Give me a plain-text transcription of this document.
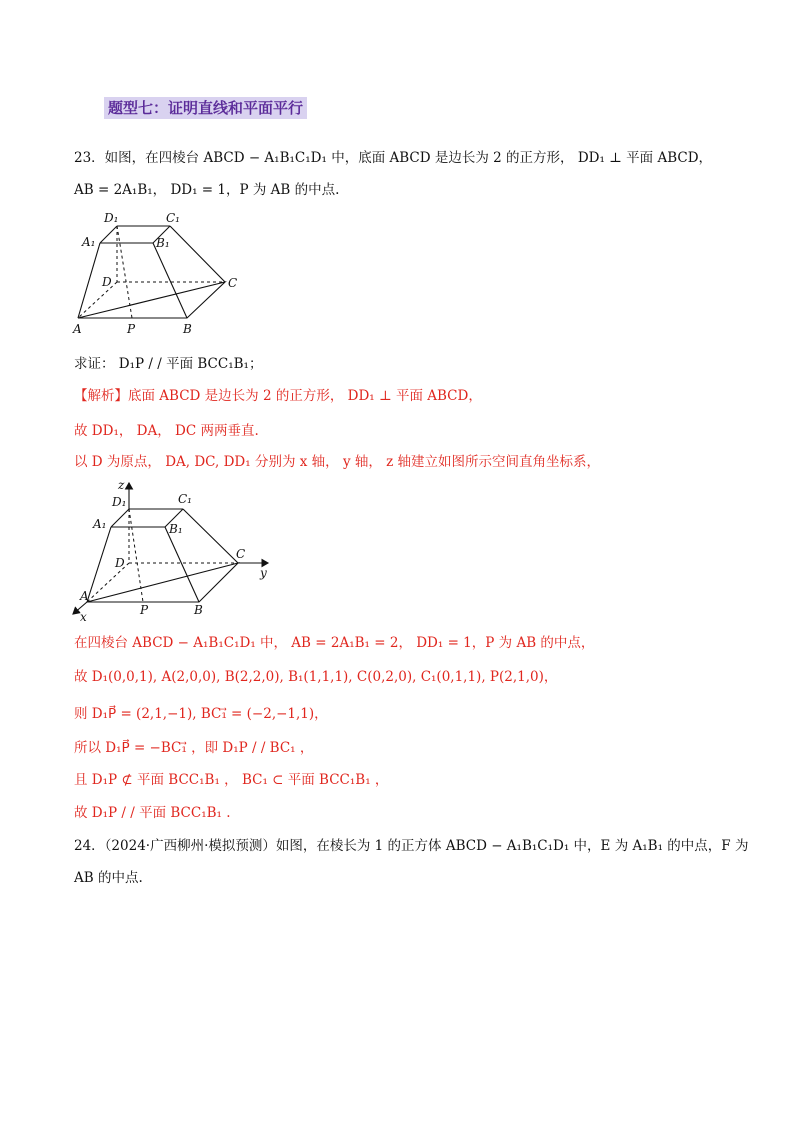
题型七：证明直线和平面平行
23．如图，在四棱台 ABCD − A₁B₁C₁D₁ 中，底面 ABCD 是边长为 2 的正方形， DD₁ ⊥ 平面 ABCD，
AB = 2A₁B₁， DD₁ = 1，P 为 AB 的中点.
D₁	C₁
A₁	B₁
D	C
A	P	B
求证： D₁P / / 平面 BCC₁B₁；
【解析】底面 ABCD 是边长为 2 的正方形， DD₁ ⊥ 平面 ABCD，
故 DD₁， DA， DC 两两垂直.
以 D 为原点， DA, DC, DD₁ 分别为 x 轴， y 轴， z 轴建立如图所示空间直角坐标系，
z
y
x
D₁	C₁
A₁	B₁
D
C
A
P	B
在四棱台 ABCD − A₁B₁C₁D₁ 中， AB = 2A₁B₁ = 2， DD₁ = 1，P 为 AB 的中点，
故 D₁(0,0,1), A(2,0,0), B(2,2,0), B₁(1,1,1), C(0,2,0), C₁(0,1,1), P(2,1,0)，
则 D₁P⃗ = (2,1,−1), BC₁⃗ = (−2,−1,1)，
所以 D₁P⃗ = −BC₁⃗ ，即 D₁P / / BC₁ ，
且 D₁P ⊄ 平面 BCC₁B₁ ， BC₁ ⊂ 平面 BCC₁B₁ ，
故 D₁P / / 平面 BCC₁B₁ .
24．（2024·广西柳州·模拟预测）如图，在棱长为 1 的正方体 ABCD − A₁B₁C₁D₁ 中，E 为 A₁B₁ 的中点，F 为
AB 的中点.
